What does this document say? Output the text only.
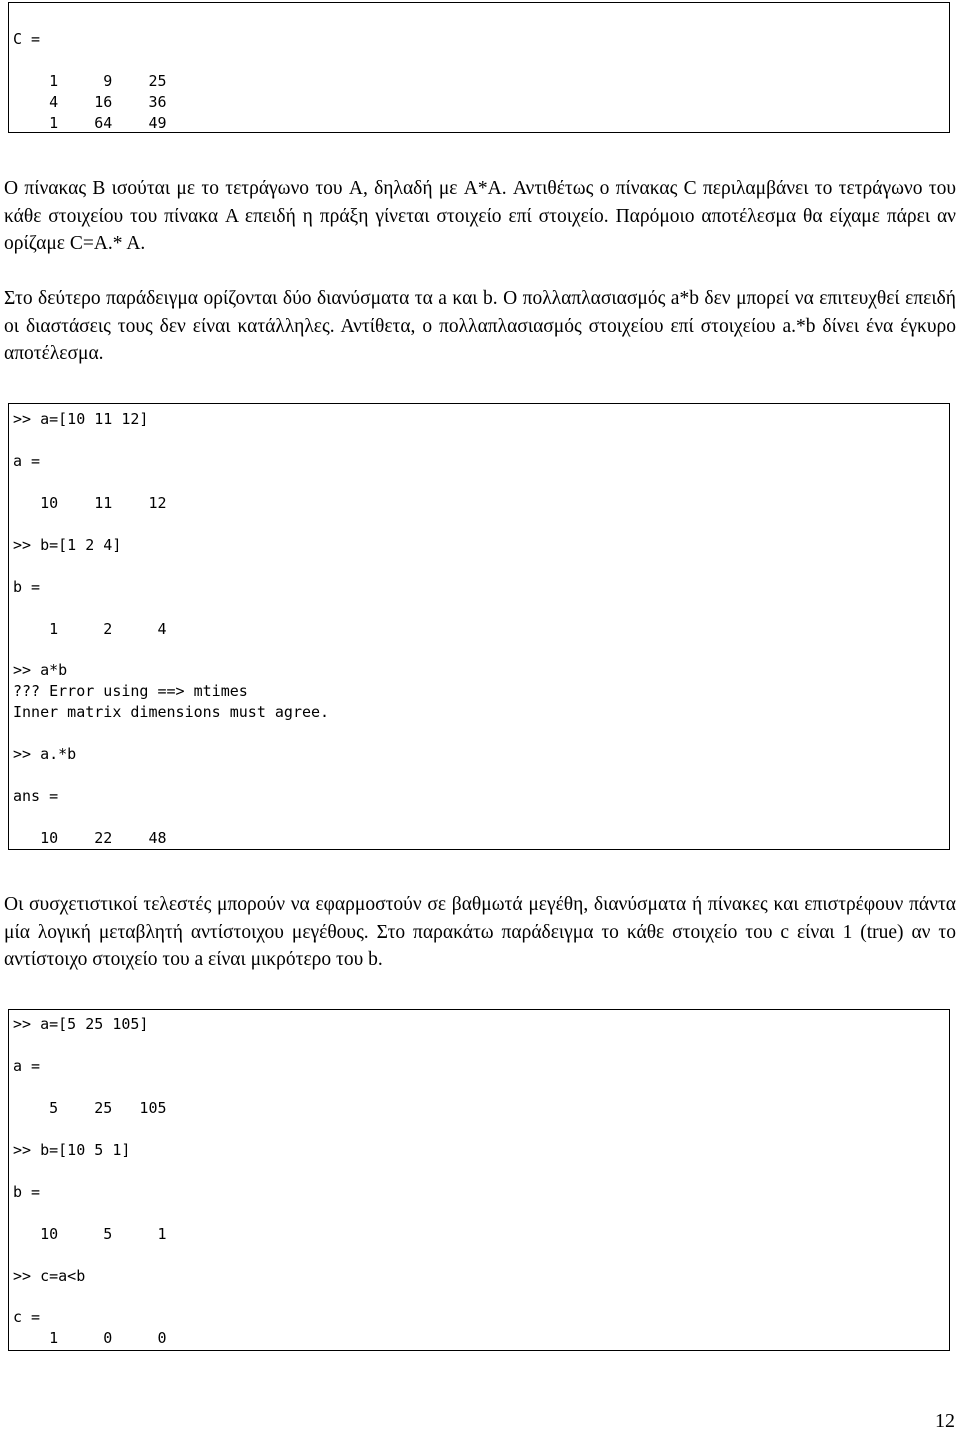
C =
1     9    25
4    16    36
1    64    49

Ο πίνακας B ισούται με το τετράγωνο του A, δηλαδή με A*A. Αντιθέτως ο πίνακας C περιλαμβάνει το τετράγωνο του κάθε στοιχείου του πίνακα A επειδή η πράξη γίνεται στοιχείο επί στοιχείο. Παρόμοιο αποτέλεσμα θα είχαμε πάρει αν ορίζαμε C=A.* A.

Στο δεύτερο παράδειγμα ορίζονται δύο διανύσματα τα a και b. O πολλαπλασιασμός a*b δεν μπορεί να επιτευχθεί επειδή οι διαστάσεις τους δεν είναι κατάλληλες. Αντίθετα, ο πολλαπλασιασμός στοιχείου επί στοιχείου a.*b δίνει ένα έγκυρο αποτέλεσμα.

>> a=[10 11 12]
a =
10    11    12
>> b=[1 2 4]
b =
1     2     4
>> a*b
??? Error using ==> mtimes
Inner matrix dimensions must agree.
>> a.*b
ans =
10    22    48

Οι συσχετιστικοί τελεστές μπορούν να εφαρμοστούν σε βαθμωτά μεγέθη, διανύσματα ή πίνακες και επιστρέφουν πάντα μία λογική μεταβλητή αντίστοιχου μεγέθους. Στο παρακάτω παράδειγμα το κάθε στοιχείο του c είναι 1 (true) αν το αντίστοιχο στοιχείο του a είναι μικρότερο του b.

>> a=[5 25 105]
a =
5    25   105
>> b=[10 5 1]
b =
10     5     1
>> c=a<b
c =
1     0     0
12
